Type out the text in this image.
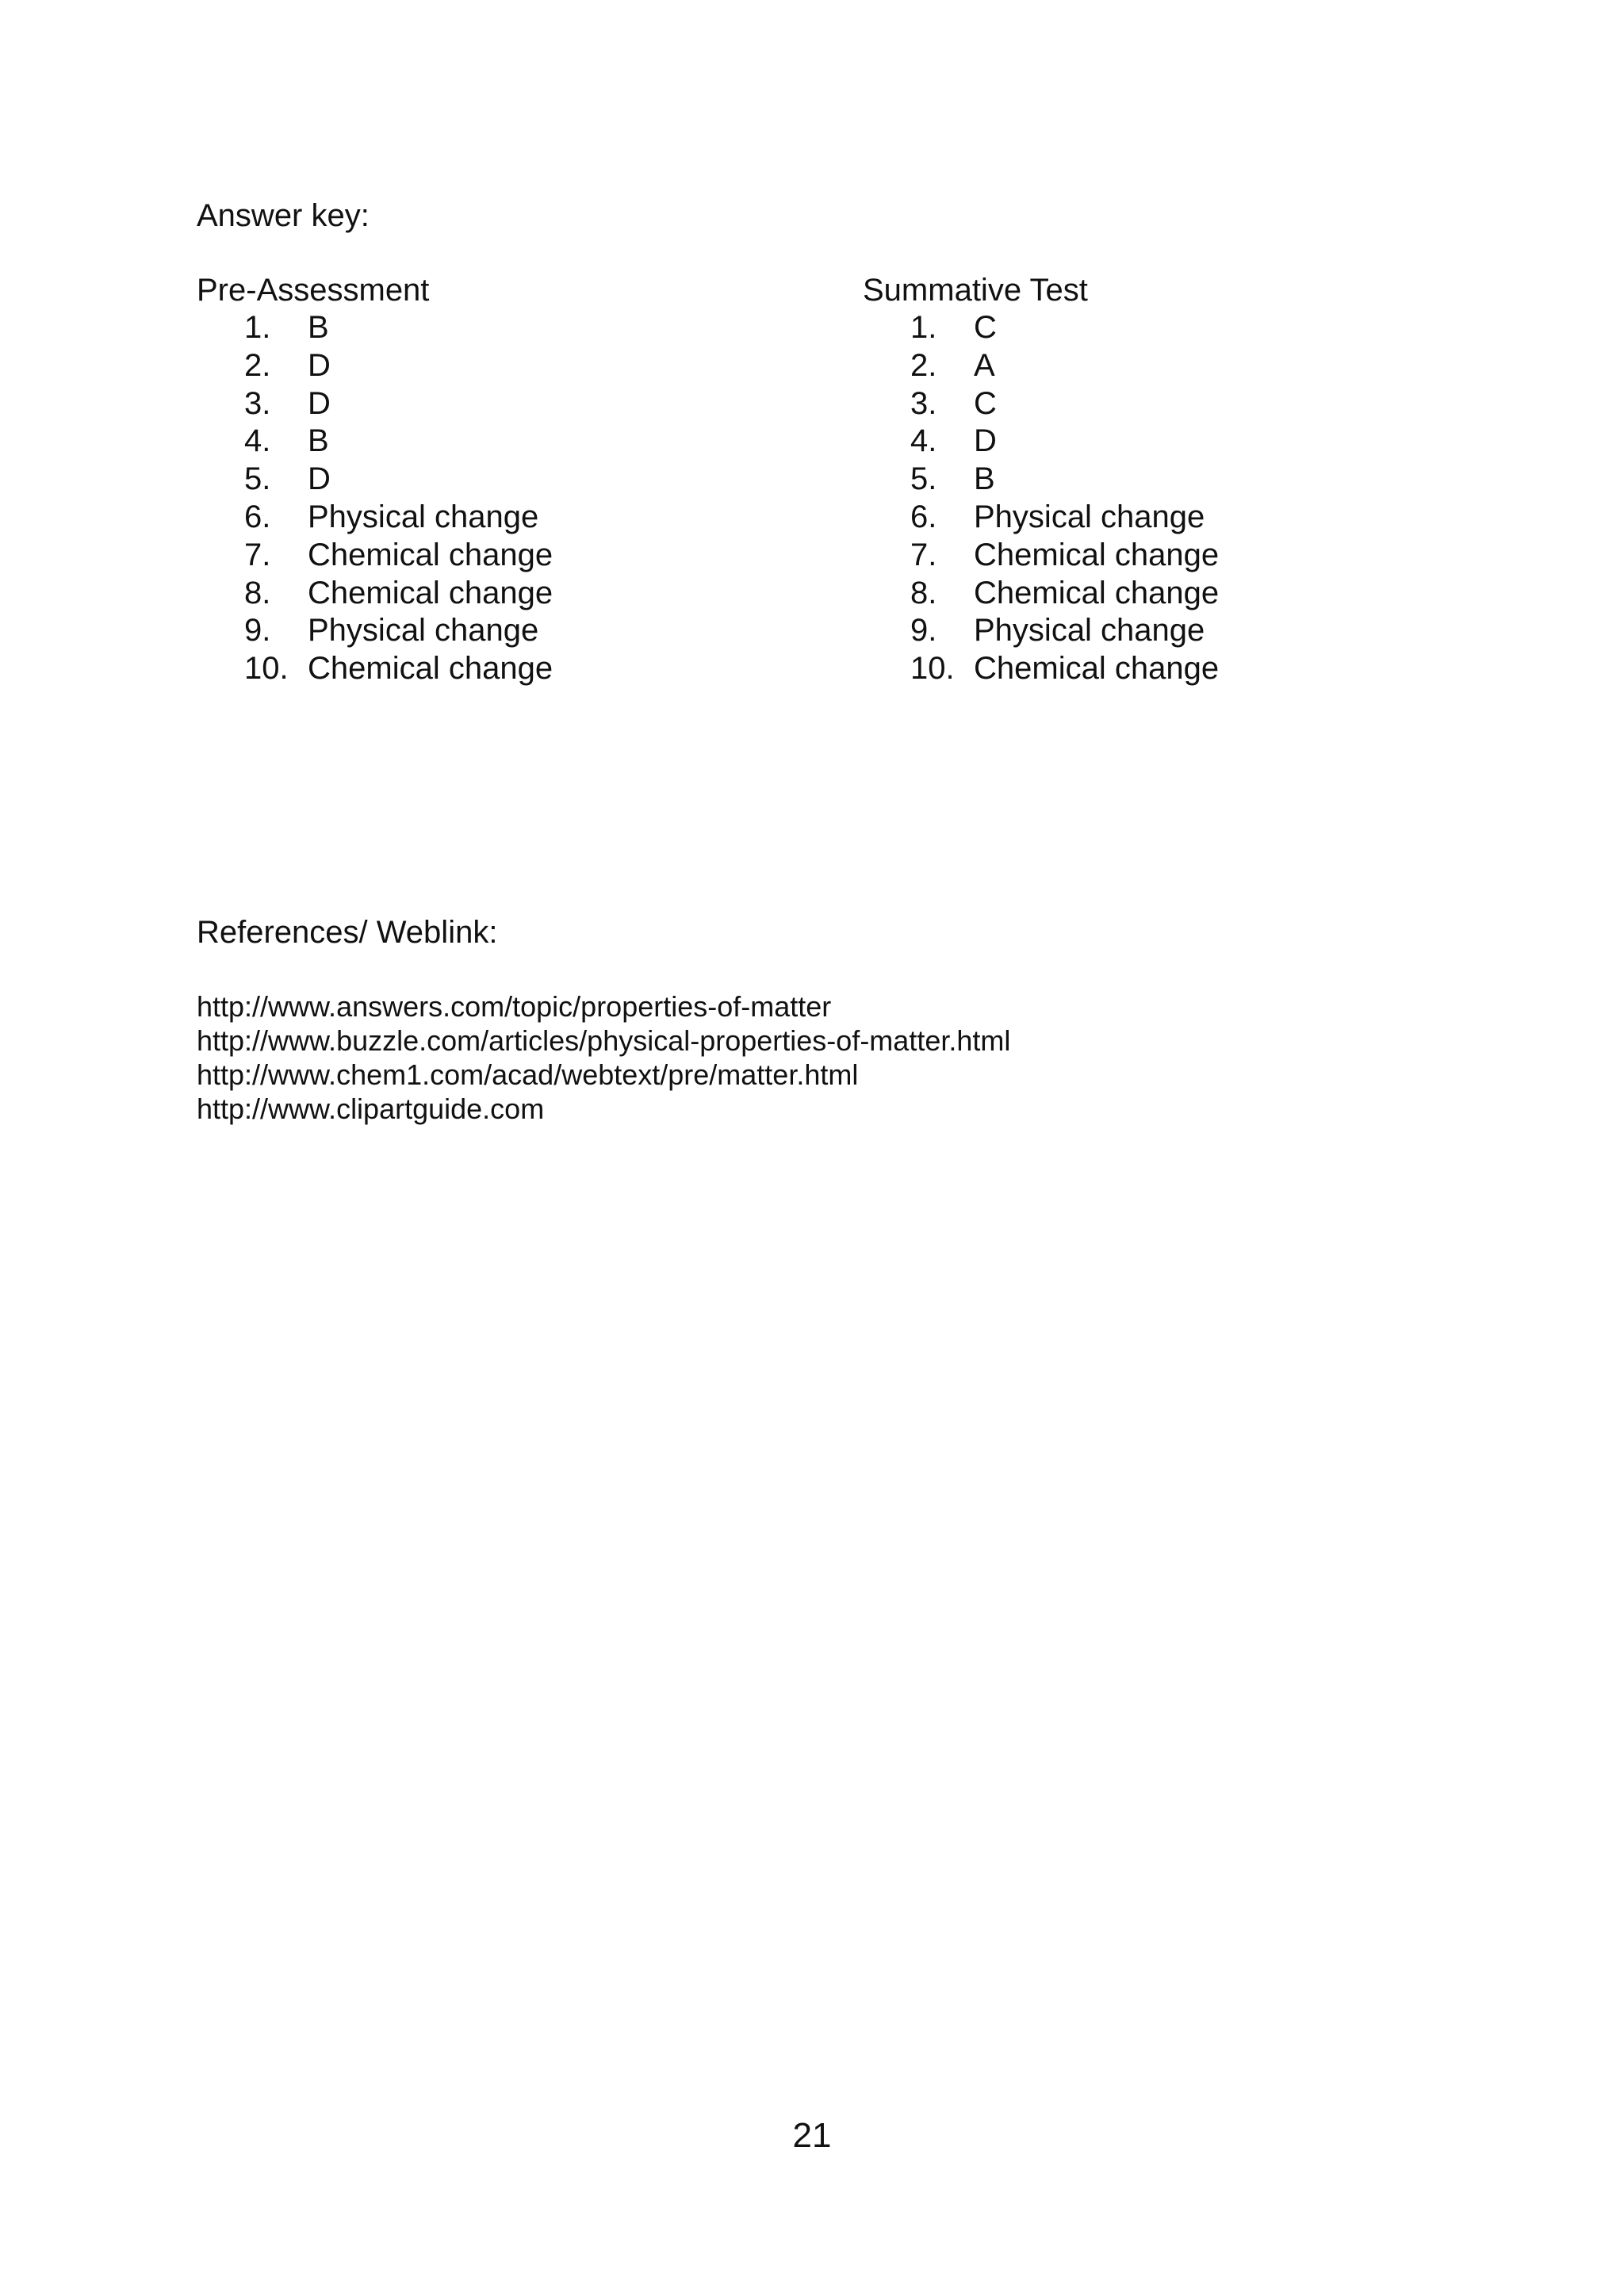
Answer key:
Pre-Assessment
1.	B
2.	D
3.	D
4.	B
5.	D
6.	Physical change
7.	Chemical change
8.	Chemical change
9.	Physical change
10. Chemical change
Summative Test
1.	C
2.	A
3.	C
4.	D
5.	B
6.	Physical change
7.	Chemical change
8.	Chemical change
9.	Physical change
10. Chemical change
References/ Weblink:
http://www.answers.com/topic/properties-of-matter
http://www.buzzle.com/articles/physical-properties-of-matter.html
http://www.chem1.com/acad/webtext/pre/matter.html
http://www.clipartguide.com
21
